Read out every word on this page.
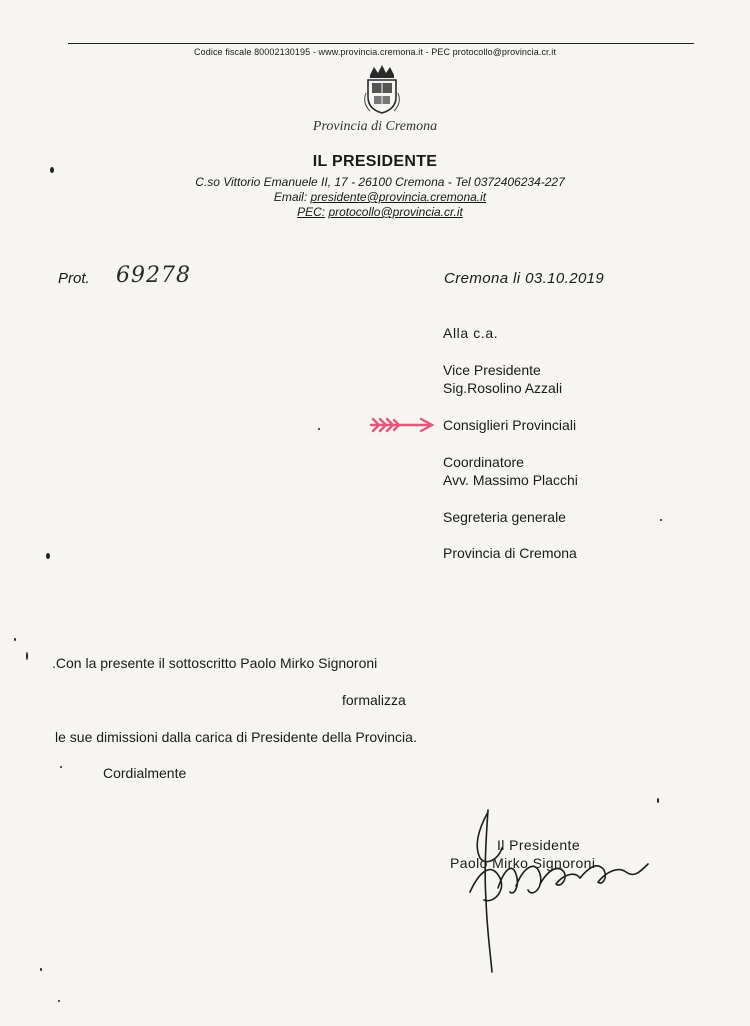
Codice fiscale 80002130195 - www.provincia.cremona.it - PEC protocollo@provincia.cr.it
Provincia di Cremona
IL PRESIDENTE
C.so Vittorio Emanuele II, 17 - 26100 Cremona - Tel 0372406234-227
Email: presidente@provincia.cremona.it
PEC: protocollo@provincia.cr.it
Prot. 69278	Cremona li 03.10.2019
Alla c.a.
Vice Presidente
Sig.Rosolino Azzali
Consiglieri Provinciali
Coordinatore
Avv. Massimo Placchi
Segreteria generale
Provincia di Cremona
.Con la presente il sottoscritto Paolo Mirko Signoroni
formalizza
le sue dimissioni dalla carica di Presidente della Provincia.
Cordialmente
Il Presidente
Paolo Mirko Signoroni
